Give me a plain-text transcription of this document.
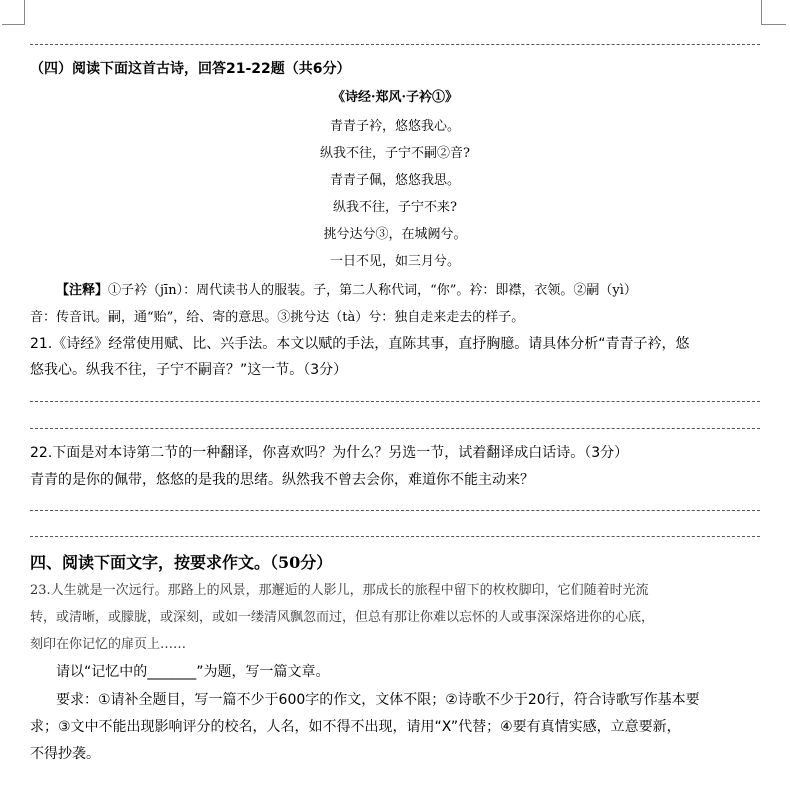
（四）阅读下面这首古诗，回答21-22题（共6分）
《诗经·郑风·子衿①》
青青子衿，悠悠我心。
纵我不往，子宁不嗣②音?
青青子佩，悠悠我思。
纵我不往，子宁不来?
挑兮达兮③，在城阙兮。
一日不见，如三月兮。
【注释】①子衿（jīn）：周代读书人的服装。子，第二人称代词，“你”。衿：即襟，衣领。②嗣（yì）
音：传音讯。嗣，通“贻”，给、寄的意思。③挑兮达（tà）兮：独自走来走去的样子。
21.《诗经》经常使用赋、比、兴手法。本文以赋的手法，直陈其事，直抒胸臆。请具体分析“青青子衿，悠
悠我心。纵我不往，子宁不嗣音？”这一节。（3分）
22.下面是对本诗第二节的一种翻译，你喜欢吗？为什么？另选一节，试着翻译成白话诗。（3分）
青青的是你的佩带，悠悠的是我的思绪。纵然我不曾去会你，难道你不能主动来？
四、阅读下面文字，按要求作文。（50分）
23.人生就是一次远行。那路上的风景，那邂逅的人影儿，那成长的旅程中留下的枚枚脚印，它们随着时光流
转，或清晰，或朦胧，或深刻，或如一缕清风飘忽而过，但总有那让你难以忘怀的人或事深深烙进你的心底，
刻印在你记忆的扉页上……
请以“记忆中的_______”为题，写一篇文章。
要求：①请补全题目，写一篇不少于600字的作文，文体不限；②诗歌不少于20行，符合诗歌写作基本要
求；③文中不能出现影响评分的校名，人名，如不得不出现，请用“X”代替；④要有真情实感，立意要新，
不得抄袭。
